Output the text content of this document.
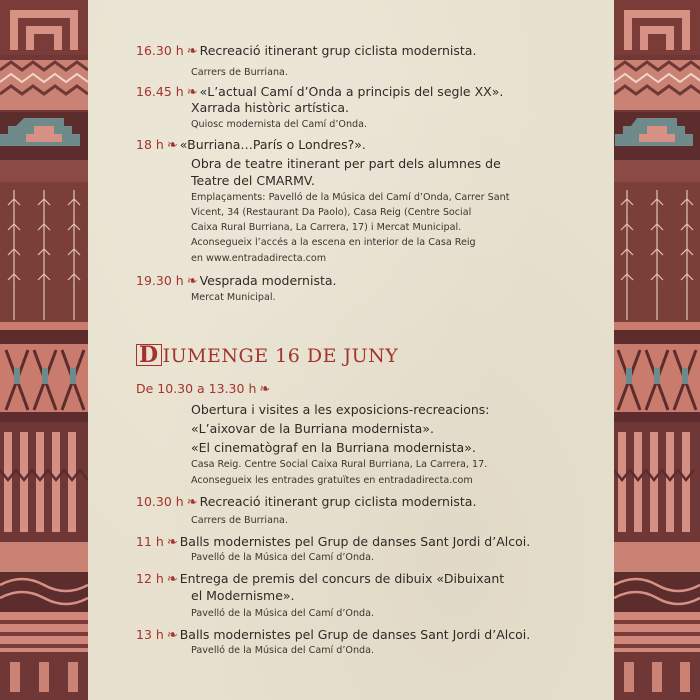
16.30 h ❧ Recreació itinerant grup ciclista modernista.
Carrers de Burriana.
16.45 h ❧ «L’actual Camí d’Onda a principis del segle XX».
Xarrada històric artística.
Quiosc modernista del Camí d’Onda.
18 h ❧ «Burriana…París o Londres?».
Obra de teatre itinerant per part dels alumnes de
Teatre del CMARMV.
Emplaçaments: Pavelló de la Música del Camí d’Onda, Carrer Sant
Vicent, 34 (Restaurant Da Paolo), Casa Reig (Centre Social
Caixa Rural Burriana, La Carrera, 17) i Mercat Municipal.
Aconsegueix l’accés a la escena en interior de la Casa Reig
en www.entradadirecta.com
19.30 h ❧ Vesprada modernista.
Mercat Municipal.
D IUMENGE 16 DE JUNY
De 10.30 a 13.30 h ❧
Obertura i visites a les exposicions-recreacions:
«L’aixovar de la Burriana modernista».
«El cinematògraf en la Burriana modernista».
Casa Reig. Centre Social Caixa Rural Burriana, La Carrera, 17.
Aconsegueix les entrades gratuïtes en entradadirecta.com
10.30 h ❧ Recreació itinerant grup ciclista modernista.
Carrers de Burriana.
11 h ❧ Balls modernistes pel Grup de danses Sant Jordi d’Alcoi.
Pavelló de la Música del Camí d’Onda.
12 h ❧ Entrega de premis del concurs de dibuix «Dibuixant
el Modernisme».
Pavelló de la Música del Camí d’Onda.
13 h ❧ Balls modernistes pel Grup de danses Sant Jordi d’Alcoi.
Pavelló de la Música del Camí d’Onda.
